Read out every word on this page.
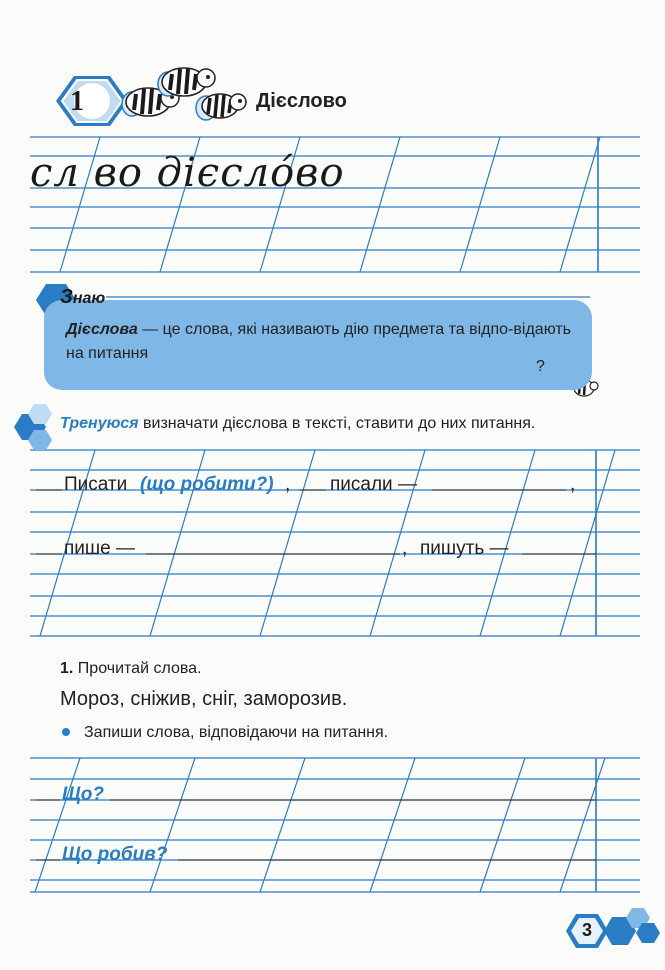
1	Дієслово
сл во дієслóво
Знаю
Дієслова — це слова, які називають дію предмета та відпо-відають на питання
?
Тренуюся визначати дієслова в тексті, ставити до них питання.
Писати (що робити?) , писали —	,
пише —	, пишуть —
1. Прочитай слова.
Мороз, сніжив, сніг, заморозив.
Запиши слова, відповідаючи на питання.
Що?
Що робив?
3
